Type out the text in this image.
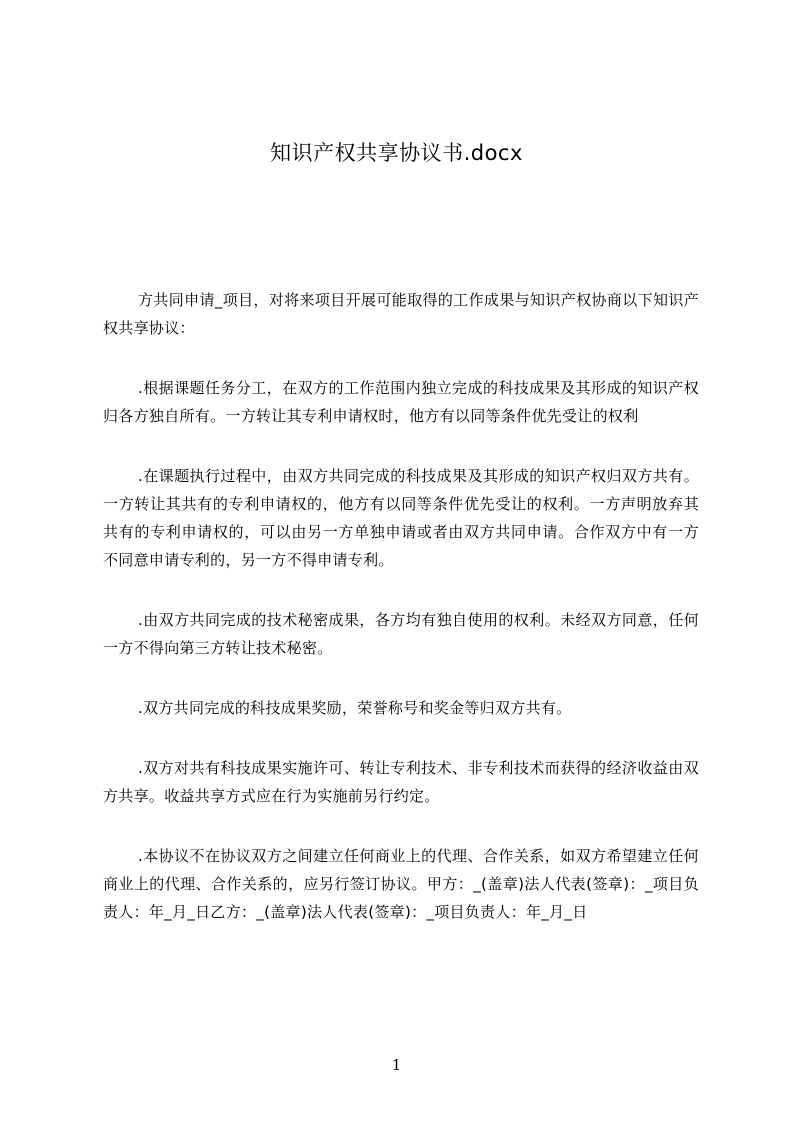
知识产权共享协议书.docx

方共同申请_项目，对将来项目开展可能取得的工作成果与知识产权协商以下知识产权共享协议：

.根据课题任务分工，在双方的工作范围内独立完成的科技成果及其形成的知识产权归各方独自所有。一方转让其专利申请权时，他方有以同等条件优先受让的权利

.在课题执行过程中，由双方共同完成的科技成果及其形成的知识产权归双方共有。一方转让其共有的专利申请权的，他方有以同等条件优先受让的权利。一方声明放弃其共有的专利申请权的，可以由另一方单独申请或者由双方共同申请。合作双方中有一方不同意申请专利的，另一方不得申请专利。

.由双方共同完成的技术秘密成果，各方均有独自使用的权利。未经双方同意，任何一方不得向第三方转让技术秘密。

.双方共同完成的科技成果奖励，荣誉称号和奖金等归双方共有。

.双方对共有科技成果实施许可、转让专利技术、非专利技术而获得的经济收益由双方共享。收益共享方式应在行为实施前另行约定。

.本协议不在协议双方之间建立任何商业上的代理、合作关系，如双方希望建立任何商业上的代理、合作关系的，应另行签订协议。甲方：_(盖章)法人代表(签章)：_项目负责人：年_月_日乙方：_(盖章)法人代表(签章)：_项目负责人：年_月_日

1
